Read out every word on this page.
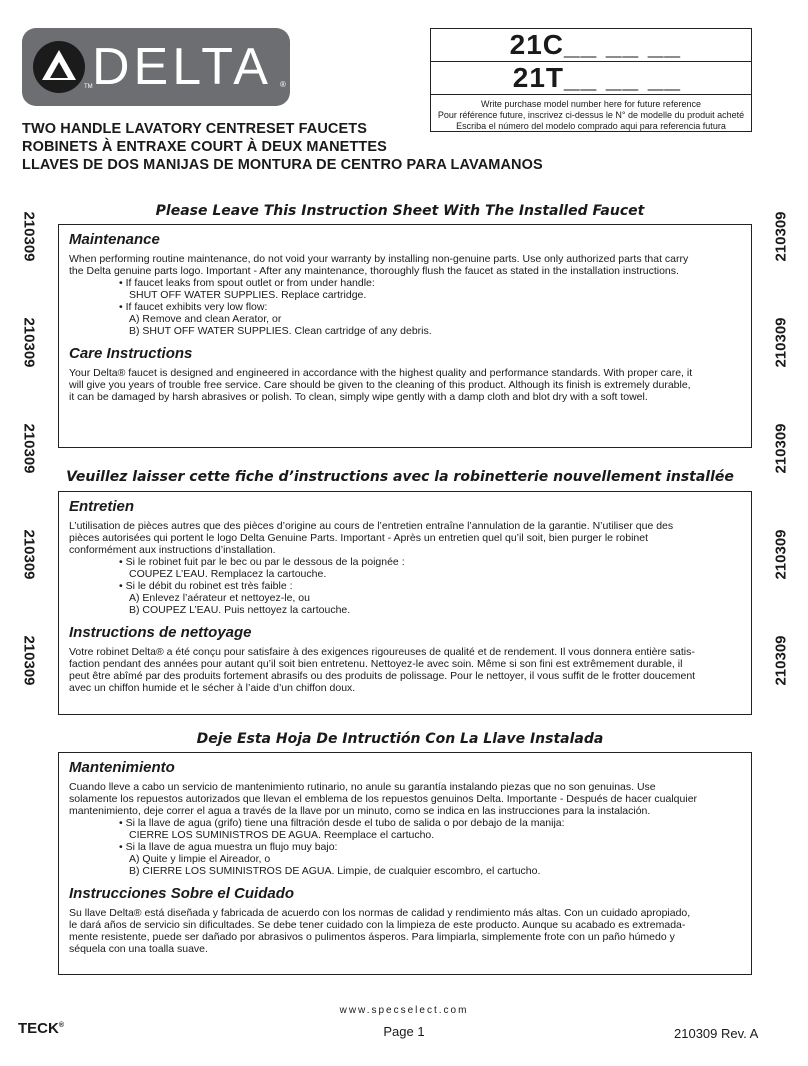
DELTA
TM	®
21C__ __ __
21T__ __ __
Write purchase model number here for future reference
Pour référence future, inscrivez ci-dessus le N° de modelle du produit acheté
Escriba el número del modelo comprado aqui para referencia futura
TWO HANDLE LAVATORY CENTRESET FAUCETS
ROBINETS À ENTRAXE COURT À DEUX MANETTES
LLAVES DE DOS MANIJAS DE MONTURA DE CENTRO PARA LAVAMANOS
210309
210309
210309
210309
210309
210309
210309
210309
210309
210309
Please Leave This Instruction Sheet With The Installed Faucet
Maintenance

When performing routine maintenance, do not void your warranty by installing non-genuine parts. Use only authorized parts that carry

the Delta genuine parts logo. Important - After any maintenance, thoroughly flush the faucet as stated in the installation instructions.

• If faucet leaks from spout outlet or from under handle:

SHUT OFF WATER SUPPLIES. Replace cartridge.

• If faucet exhibits very low flow:

A) Remove and clean Aerator, or

B) SHUT OFF WATER SUPPLIES. Clean cartridge of any debris.

Care Instructions

Your Delta® faucet is designed and engineered in accordance with the highest quality and performance standards. With proper care, it

will give you years of trouble free service. Care should be given to the cleaning of this product. Although its finish is extremely durable,

it can be damaged by harsh abrasives or polish. To clean, simply wipe gently with a damp cloth and blot dry with a soft towel.

Veuillez laisser cette fiche d’instructions avec la robinetterie nouvellement installée
Entretien

L’utilisation de pièces autres que des pièces d’origine au cours de l’entretien entraîne l’annulation de la garantie. N’utiliser que des

pièces autorisées qui portent le logo Delta Genuine Parts. Important - Après un entretien quel qu’il soit, bien purger le robinet

conformément aux instructions d’installation.

• Si le robinet fuit par le bec ou par le dessous de la poignée :

COUPEZ L’EAU. Remplacez la cartouche.

• Si le débit du robinet est très faible :

A) Enlevez l’aérateur et nettoyez-le, ou

B) COUPEZ L’EAU. Puis nettoyez la cartouche.

Instructions de nettoyage

Votre robinet Delta® a été conçu pour satisfaire à des exigences rigoureuses de qualité et de rendement. Il vous donnera entière satis-

faction pendant des années pour autant qu’il soit bien entretenu. Nettoyez-le avec soin. Même si son fini est extrêmement durable, il

peut être abîmé par des produits fortement abrasifs ou des produits de polissage. Pour le nettoyer, il vous suffit de le frotter doucement

avec un chiffon humide et le sécher à l’aide d’un chiffon doux.

Deje Esta Hoja De Intructión Con La Llave Instalada
Mantenimiento

Cuando lleve a cabo un servicio de mantenimiento rutinario, no anule su garantía instalando piezas que no son genuinas. Use

solamente los repuestos autorizados que llevan el emblema de los repuestos genuinos Delta. Importante - Después de hacer cualquier

mantenimiento, deje correr el agua a través de la llave por un minuto, como se indica en las instrucciones para la instalación.

• Si la llave de agua (grifo) tiene una filtración desde el tubo de salida o por debajo de la manija:

CIERRE LOS SUMINISTROS DE AGUA. Reemplace el cartucho.

• Si la llave de agua muestra un flujo muy bajo:

A) Quite y limpie el Aireador, o

B) CIERRE LOS SUMINISTROS DE AGUA. Limpie, de cualquier escombro, el cartucho.

Instrucciones Sobre el Cuidado

Su llave Delta® está diseñada y fabricada de acuerdo con los normas de calidad y rendimiento más altas. Con un cuidado apropiado,

le dará años de servicio sin dificultades. Se debe tener cuidado con la limpieza de este producto. Aunque su acabado es extremada-

mente resistente, puede ser dañado por abrasivos o pulimentos ásperos. Para limpiarla, simplemente frote con un paño húmedo y

séquela con una toalla suave.

www.specselect.com
Page 1
TECK®
210309 Rev. A
